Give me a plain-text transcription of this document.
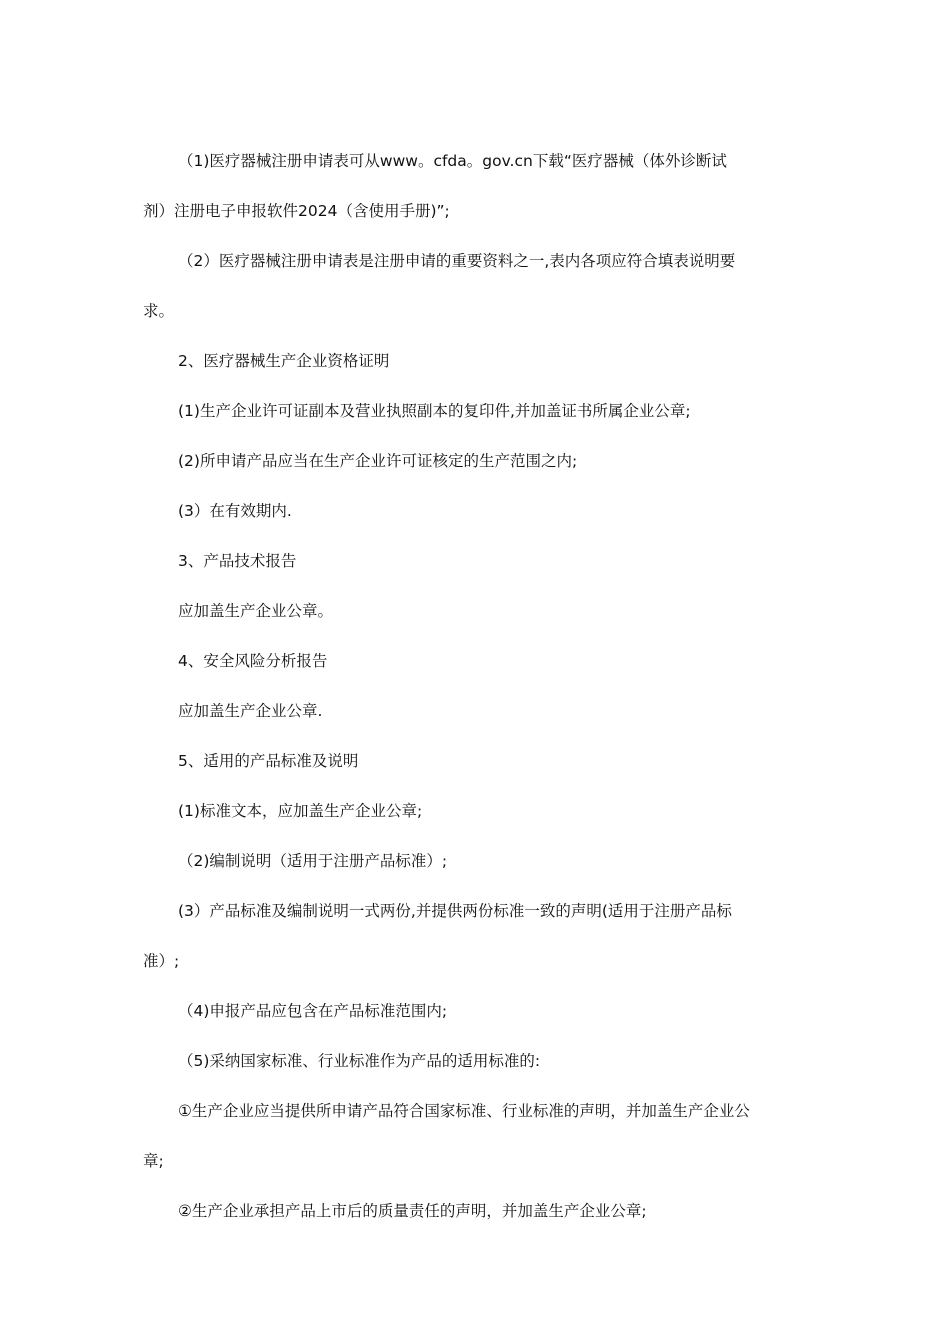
（1)医疗器械注册申请表可从www。cfda。gov.cn下载“医疗器械（体外诊断试
剂）注册电子申报软件2024（含使用手册)”;
（2）医疗器械注册申请表是注册申请的重要资料之一,表内各项应符合填表说明要
求。
2、医疗器械生产企业资格证明
(1)生产企业许可证副本及营业执照副本的复印件,并加盖证书所属企业公章;
(2)所申请产品应当在生产企业许可证核定的生产范围之内;
(3）在有效期内.
3、产品技术报告
应加盖生产企业公章。
4、安全风险分析报告
应加盖生产企业公章.
5、适用的产品标准及说明
(1)标准文本，应加盖生产企业公章;
（2)编制说明（适用于注册产品标准）;
(3）产品标准及编制说明一式两份,并提供两份标准一致的声明(适用于注册产品标
准）;
（4)申报产品应包含在产品标准范围内;
（5)采纳国家标准、行业标准作为产品的适用标准的:
①生产企业应当提供所申请产品符合国家标准、行业标准的声明，并加盖生产企业公
章;
②生产企业承担产品上市后的质量责任的声明，并加盖生产企业公章;
